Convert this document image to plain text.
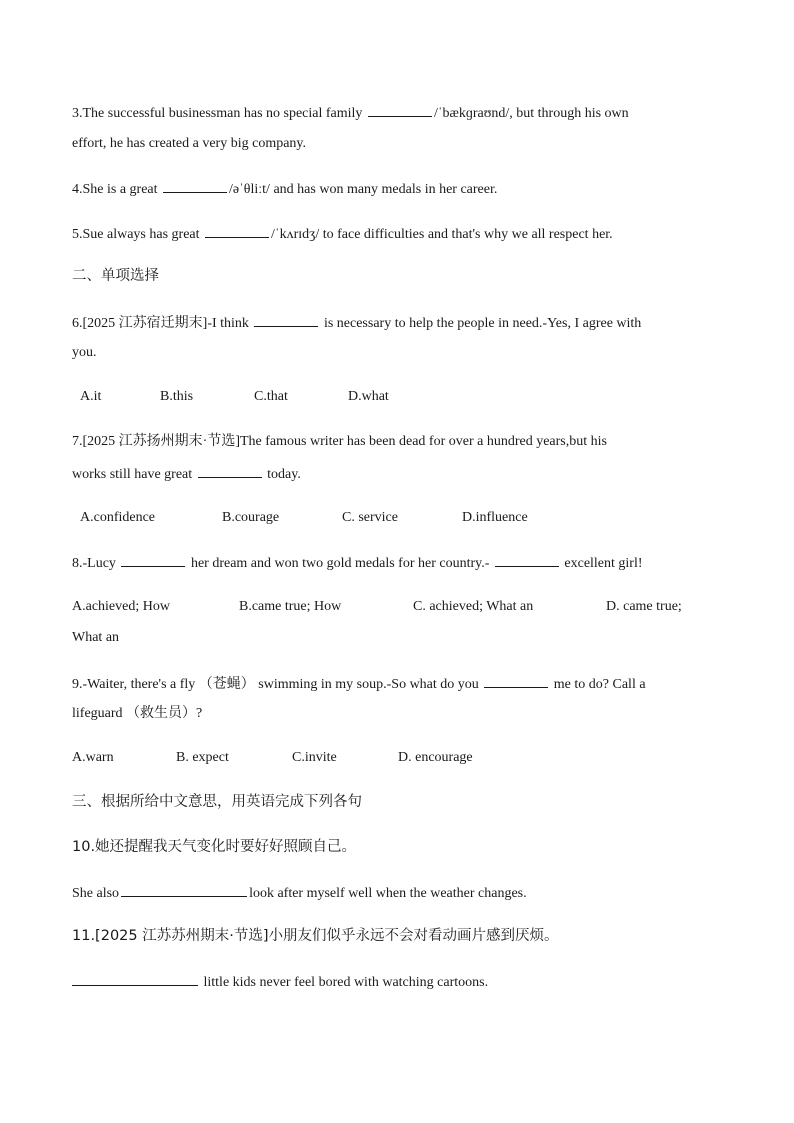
3.The successful businessman has no special family	/ˈbækɡraʊnd/, but through his own
effort, he has created a very big company.
4.She is a great	/əˈθliːt/ and has won many medals in her career.
5.Sue always has great	/ˈkʌrɪdʒ/ to face difficulties and that's why we all respect her.
二、单项选择
6.[2025 江苏宿迁期末]-I think	is necessary to help the people in need.-Yes, I agree with
you.
A.it	B.this	C.that	D.what
7.[2025 江苏扬州期末·节选]The famous writer has been dead for over a hundred years,but his
works still have great	today.
A.confidence	B.courage	C. service	D.influence
8.-Lucy	her dream and won two gold medals for her country.-	excellent girl!
A.achieved; How	B.came true; How	C. achieved; What an	D. came true;
What an
9.-Waiter, there's a fly （苍蝇） swimming in my soup.-So what do you	me to do? Call a
lifeguard （救生员）?
A.warn	B. expect	C.invite	D. encourage
三、根据所给中文意思，用英语完成下列各句
10.她还提醒我天气变化时要好好照顾自己。
She also	look after myself well when the weather changes.
11.[2025 江苏苏州期末·节选]小朋友们似乎永远不会对看动画片感到厌烦。
little kids never feel bored with watching cartoons.
